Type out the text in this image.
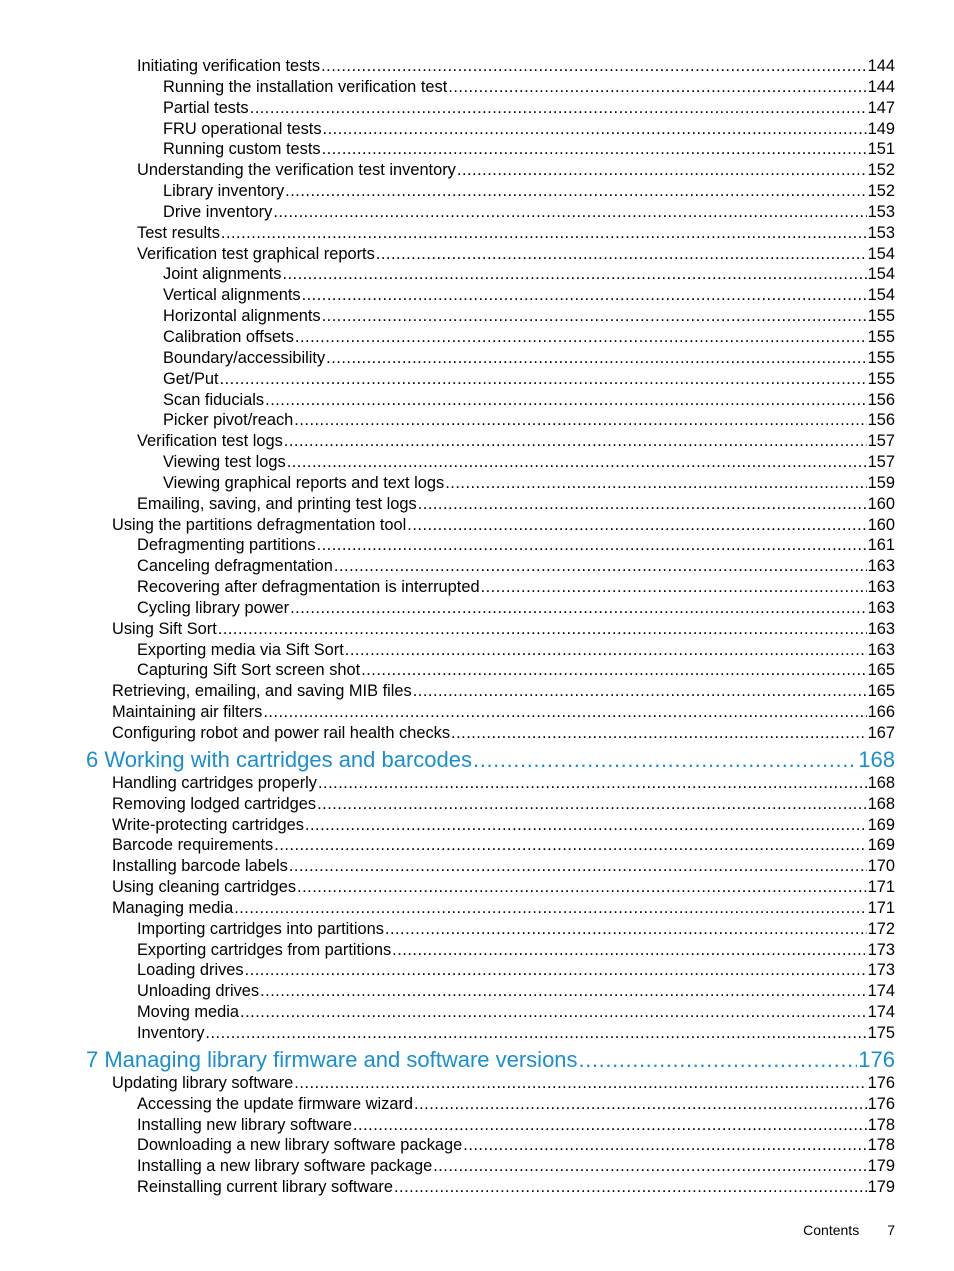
Initiating verification tests .....	144
Running the installation verification test .....	144
Partial tests .....	147
FRU operational tests .....	149
Running custom tests .....	151
Understanding the verification test inventory .....	152
Library inventory .....	152
Drive inventory .....	153
Test results .....	153
Verification test graphical reports .....	154
Joint alignments .....	154
Vertical alignments .....	154
Horizontal alignments .....	155
Calibration offsets .....	155
Boundary/accessibility .....	155
Get/Put .....	155
Scan fiducials .....	156
Picker pivot/reach .....	156
Verification test logs .....	157
Viewing test logs .....	157
Viewing graphical reports and text logs .....	159
Emailing, saving, and printing test logs .....	160
Using the partitions defragmentation tool .....	160
Defragmenting partitions .....	161
Canceling defragmentation .....	163
Recovering after defragmentation is interrupted .....	163
Cycling library power .....	163
Using Sift Sort .....	163
Exporting media via Sift Sort .....	163
Capturing Sift Sort screen shot .....	165
Retrieving, emailing, and saving MIB files .....	165
Maintaining air filters .....	166
Configuring robot and power rail health checks .....	167
6 Working with cartridges and barcodes .....	168
Handling cartridges properly .....	168
Removing lodged cartridges .....	168
Write-protecting cartridges .....	169
Barcode requirements .....	169
Installing barcode labels .....	170
Using cleaning cartridges .....	171
Managing media .....	171
Importing cartridges into partitions .....	172
Exporting cartridges from partitions .....	173
Loading drives .....	173
Unloading drives .....	174
Moving media .....	174
Inventory .....	175
7 Managing library firmware and software versions .....	176
Updating library software .....	176
Accessing the update firmware wizard .....	176
Installing new library software .....	178
Downloading a new library software package .....	178
Installing a new library software package .....	179
Reinstalling current library software .....	179
Contents 7
